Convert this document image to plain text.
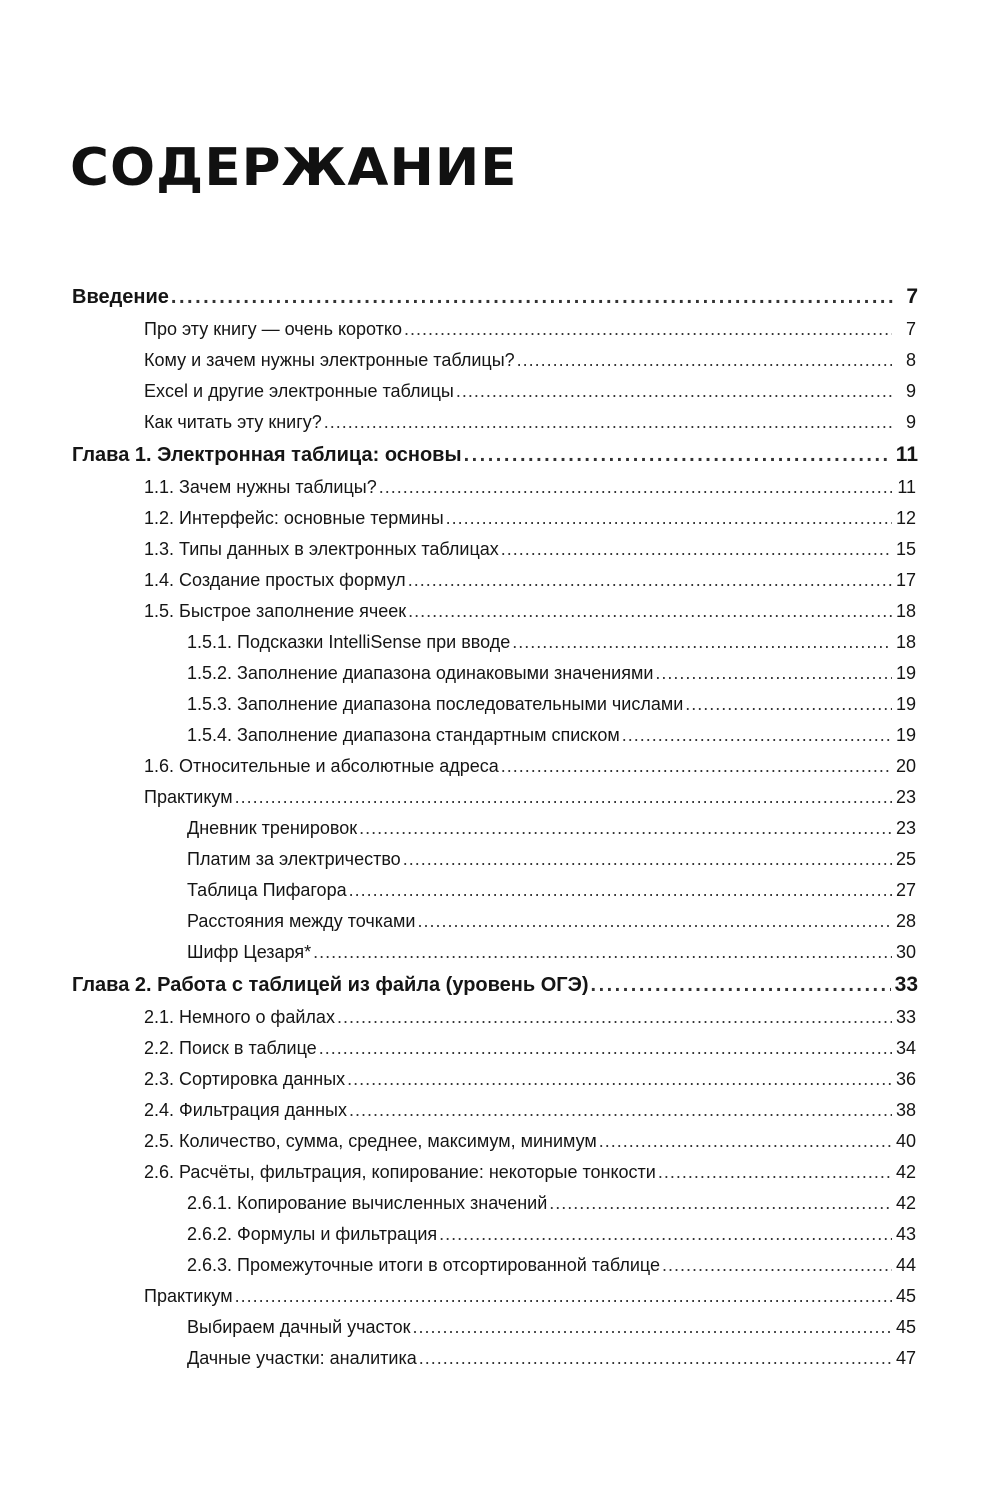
СОДЕРЖАНИЕ
Введение .....	7
Про эту книгу — очень коротко .....	7
Кому и зачем нужны электронные таблицы? .....	8
Excel и другие электронные таблицы .....	9
Как читать эту книгу? .....	9
Глава 1. Электронная таблица: основы .....	11
1.1. Зачем нужны таблицы? .....	11
1.2. Интерфейс: основные термины .....	12
1.3. Типы данных в электронных таблицах .....	15
1.4. Создание простых формул .....	17
1.5. Быстрое заполнение ячеек .....	18
1.5.1. Подсказки IntelliSense при вводе .....	18
1.5.2. Заполнение диапазона одинаковыми значениями .....	19
1.5.3. Заполнение диапазона последовательными числами .....	19
1.5.4. Заполнение диапазона стандартным списком .....	19
1.6. Относительные и абсолютные адреса .....	20
Практикум .....	23
Дневник тренировок .....	23
Платим за электричество .....	25
Таблица Пифагора .....	27
Расстояния между точками .....	28
Шифр Цезаря* .....	30
Глава 2. Работа с таблицей из файла (уровень ОГЭ) .....	33
2.1. Немного о файлах .....	33
2.2. Поиск в таблице .....	34
2.3. Сортировка данных .....	36
2.4. Фильтрация данных .....	38
2.5. Количество, сумма, среднее, максимум, минимум .....	40
2.6. Расчёты, фильтрация, копирование: некоторые тонкости .....	42
2.6.1. Копирование вычисленных значений .....	42
2.6.2. Формулы и фильтрация .....	43
2.6.3. Промежуточные итоги в отсортированной таблице .....	44
Практикум .....	45
Выбираем дачный участок .....	45
Дачные участки: аналитика .....	47
